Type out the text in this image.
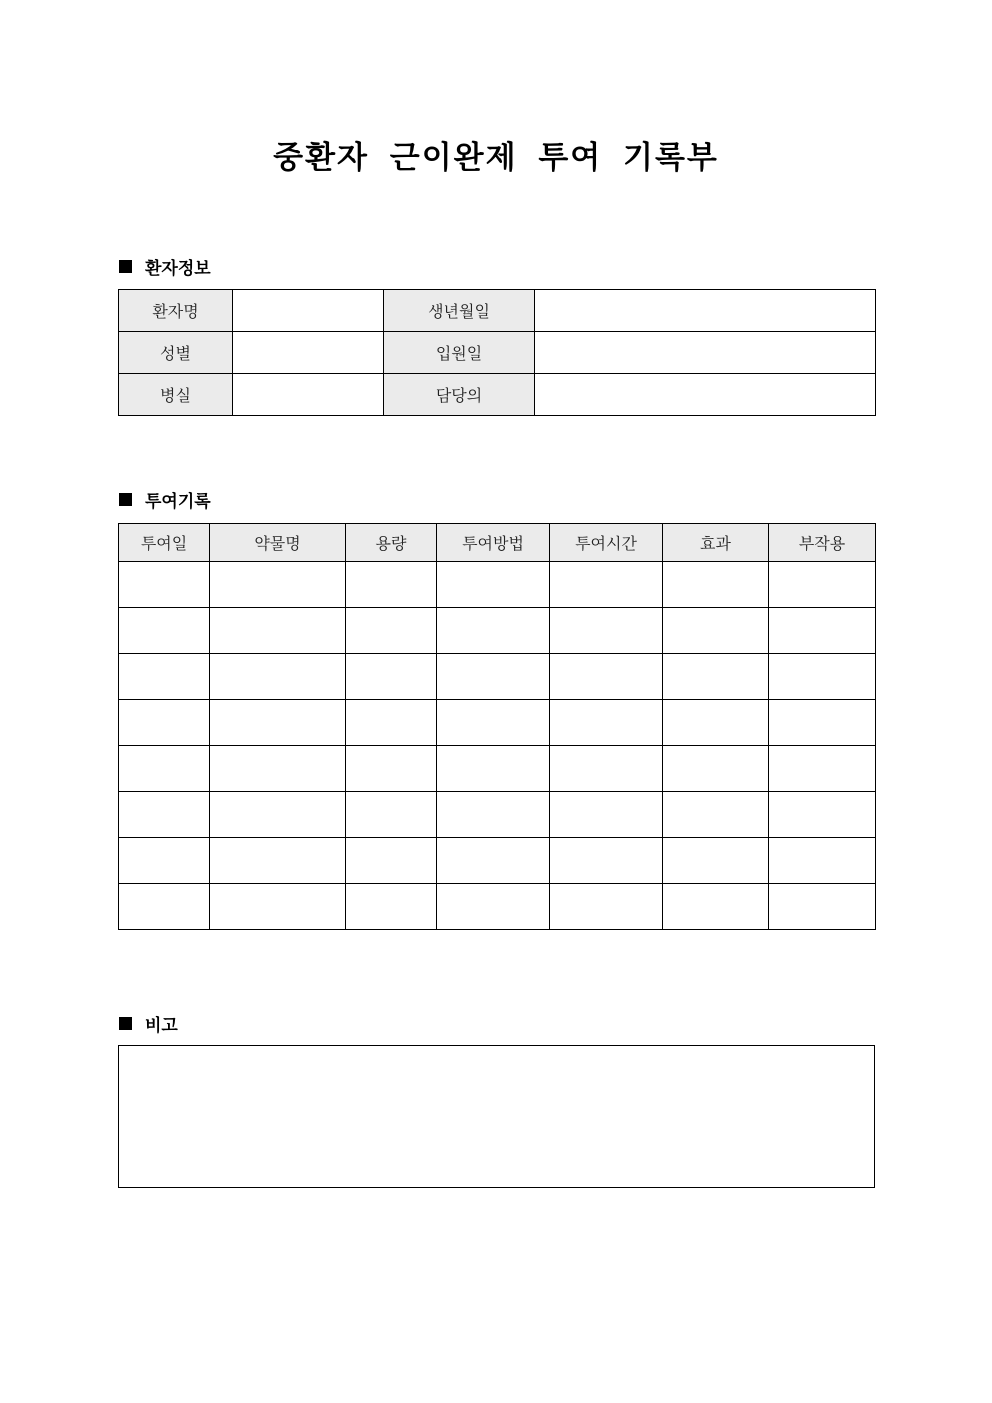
중환자 근이완제 투여 기록부
환자정보
환자명		생년월일	
성별		입원일	
병실		담당의	
투여기록
투여일	약물명	용량	투여방법	투여시간	효과	부작용

비고
